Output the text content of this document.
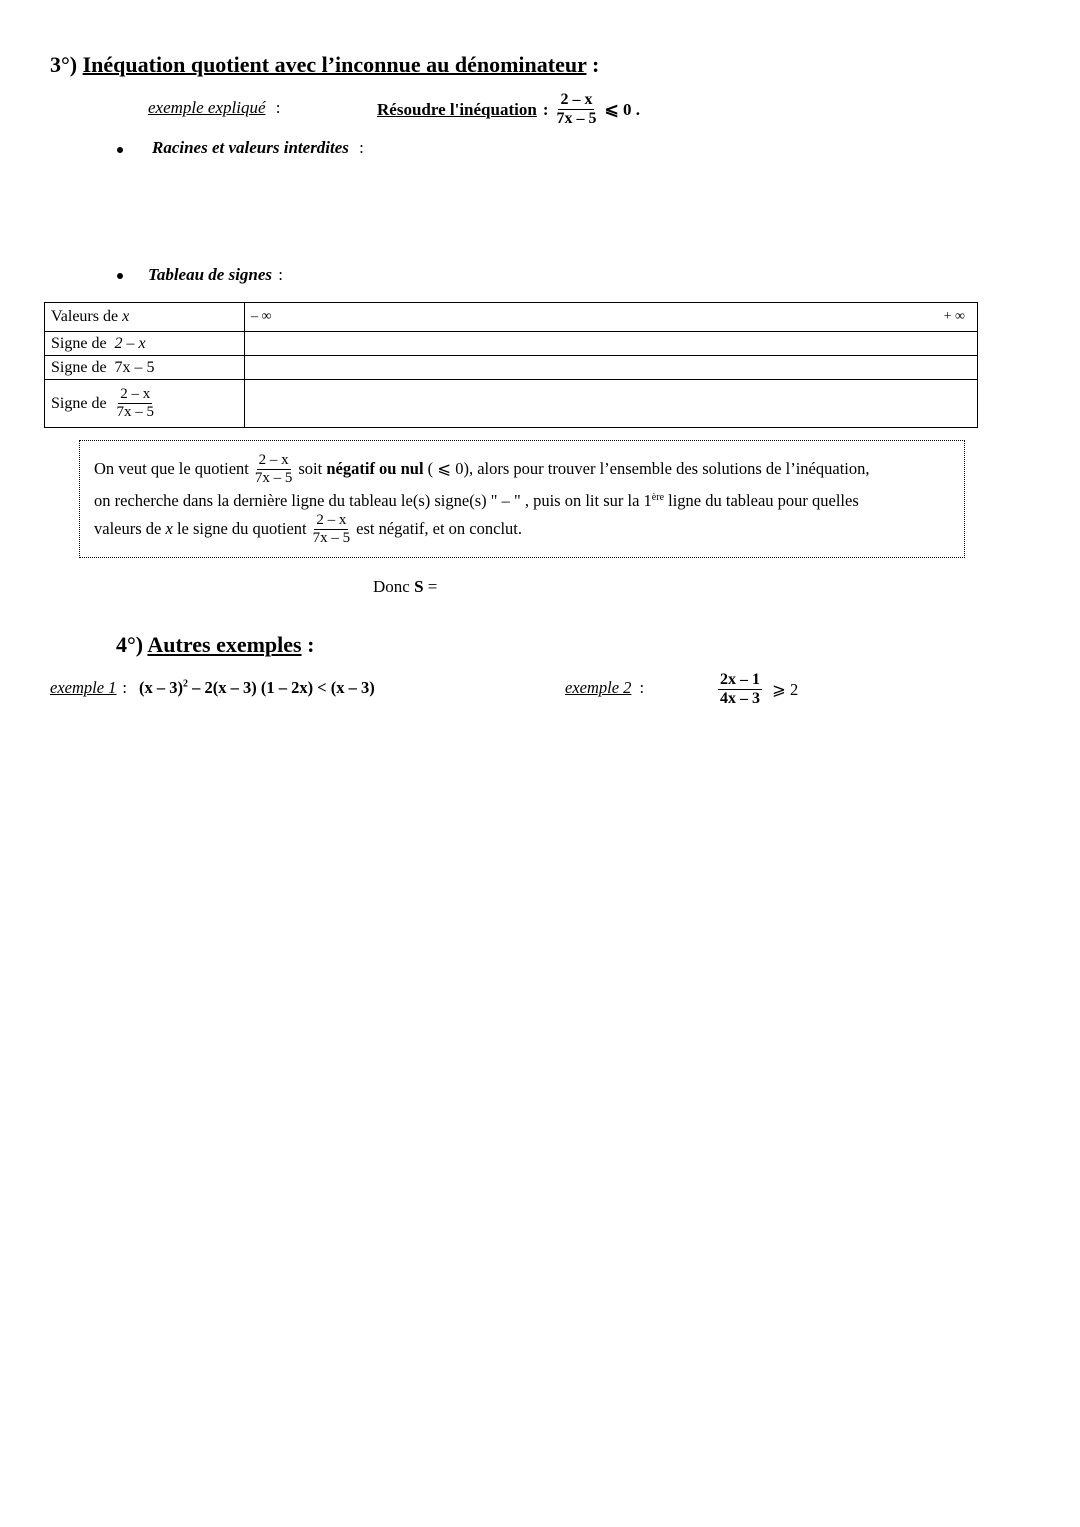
3°) Inéquation quotient avec l’inconnue au dénominateur :
exemple expliqué :	Résoudre l'inéquation : $\frac{2 - x}{7x - 5}$ ⩽ 0 .
Racines et valeurs interdites :
Tableau de signes :
Valeurs de x	– ∞ + ∞

Signe de 2 – x	

Signe de 7x – 5	

Signe de $\frac{2 - x}{7x - 5}$

On veut que le quotient $\frac{2 - x}{7x - 5}$ soit
négatif ou nul
( ⩽ 0), alors pour trouver l’ensemble des solutions de l’inéquation,
on recherche dans la dernière ligne du tableau le(s) signe(s) " – " , puis on lit sur la 1 ère
ligne du tableau pour quelles
valeurs de
x
le signe du quotient $\frac{2 - x}{7x - 5}$ est négatif, et on conclut.
Donc S =
4°) Autres exemples :
exemple 1 : (x – 3)$^2$ – 2(x – 3) (1 – 2x) < (x – 3)	exemple 2 :	$\frac{2x - 1}{4x - 3}$ ⩾ 2
